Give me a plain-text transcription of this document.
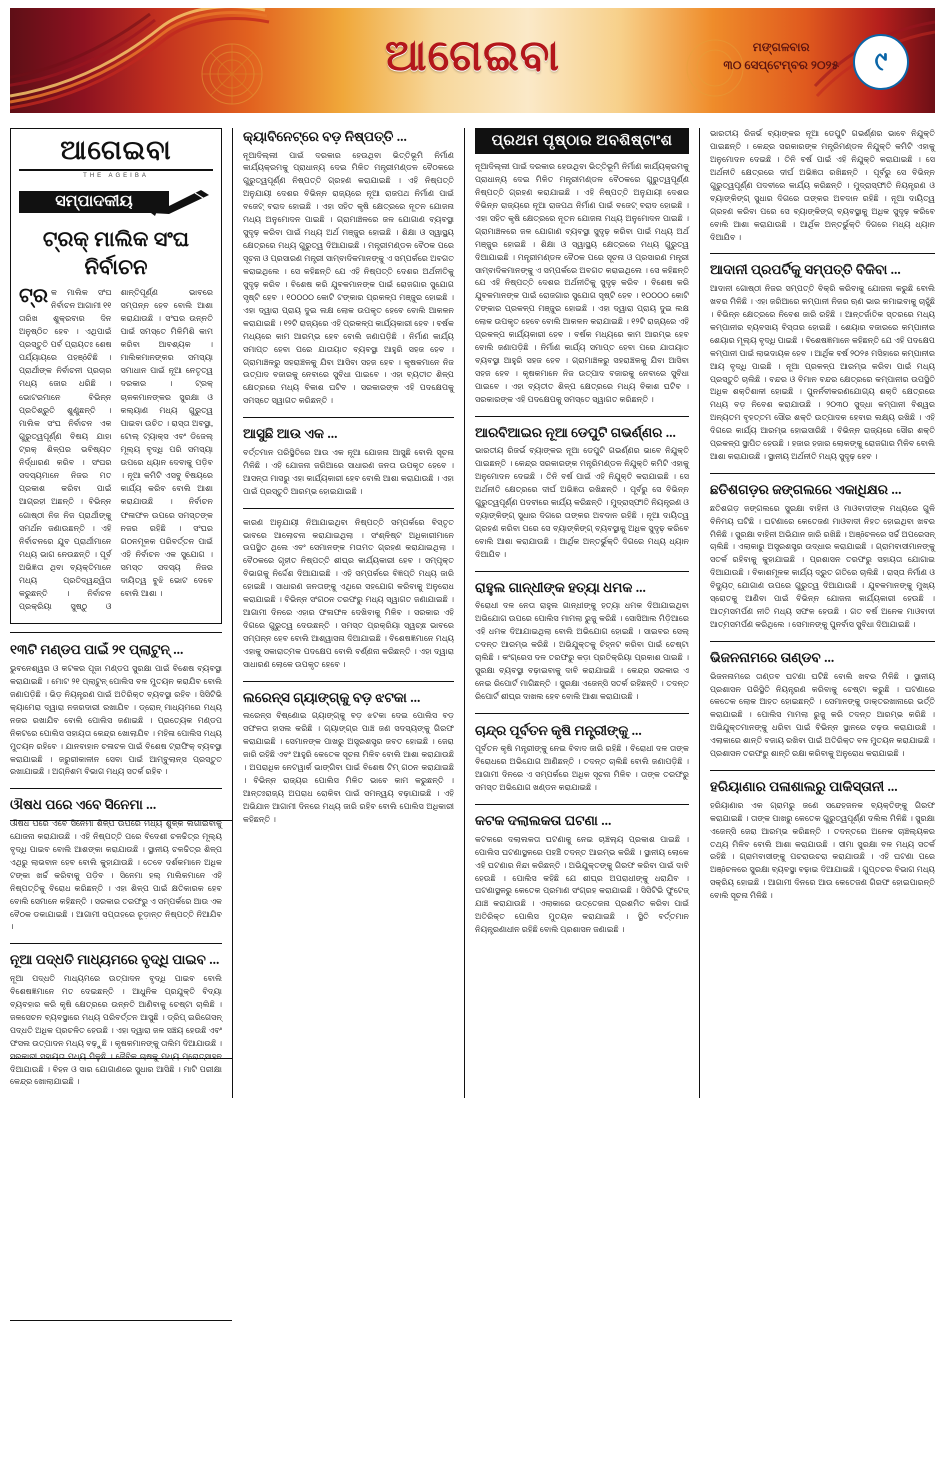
ଆଗେଇବା	ମଙ୍ଗଳବାର
୩୦ ସେପ୍ଟେମ୍ବର ୨୦୨୫ ୯
ଆଗେଇବା
THE AGEIBA
ସମ୍ପାଦକୀୟ
ଟ୍ରକ୍ ମାଲିକ ସଂଘ
ନିର୍ବାଚନ
ଟ୍ର କ ମାଲିକ ସଂଘ ନିର୍ବାଚନ ଆଗାମୀ ୧୧ ତାରିଖ ଶୁକ୍ରବାର ଦିନ ଅନୁଷ୍ଠିତ ହେବ । ଏଥିପାଇଁ ପ୍ରସ୍ତୁତି ପର୍ବ ପ୍ରାୟତଃ ଶେଷ ପର୍ଯ୍ୟାୟରେ ପହଞ୍ôଚିଛି । ପ୍ରାର୍ଥୀଙ୍କ ନିର୍ବାଚନୀ ପ୍ରଚାର ମଧ୍ୟ ଜୋର ଧରିଛି । ଭୋଟରମାନେ ବିଭିନ୍ନ ପ୍ରତିଶ୍ରୁତି ଶୁଣୁଛନ୍ତି । ମାଲିକ ସଂଘ ନିର୍ବାଚନ ଏକ ଗୁରୁତ୍ୱପୂର୍ଣ୍ଣ ବିଷୟ ଯାହା ଟ୍ରକ୍ ଶିଳ୍ପର ଭବିଷ୍ୟତ ନିର୍ଦ୍ଧାରଣ କରିବ । ସଂଘର ସଦସ୍ୟମାନେ ନିଜର ମତ ପ୍ରକାଶ କରିବା ପାଇଁ ଆଗ୍ରହୀ ଅଛନ୍ତି । ବିଭିନ୍ନ ଗୋଷ୍ଠୀ ନିଜ ନିଜ ପ୍ରାର୍ଥୀଙ୍କୁ ସମର୍ଥନ ଜଣାଉଛନ୍ତି । ଏହି ନିର୍ବାଚନରେ ଯୁବ ପ୍ରାର୍ଥୀମାନେ ମଧ୍ୟ ଭାଗ ନେଉଛନ୍ତି । ପୂର୍ବ ଅଭିଜ୍ଞତା ଥିବା ବ୍ୟକ୍ତିମାନେ ମଧ୍ୟ ପ୍ରତିଦ୍ୱନ୍ଦ୍ୱିତା କରୁଛନ୍ତି । ନିର୍ବାଚନ ପ୍ରକ୍ରିୟା ସୁଷ୍ଠୁ ଓ ଶାନ୍ତିପୂର୍ଣ୍ଣ ଭାବରେ ସମ୍ପନ୍ନ ହେବ ବୋଲି ଆଶା କରାଯାଉଛି । ସଂଘର ଉନ୍ନତି ପାଇଁ ସମସ୍ତେ ମିଳିମିଶି କାମ କରିବା ଆବଶ୍ୟକ । ମାଲିକମାନଙ୍କର ସମସ୍ୟା ସମାଧାନ ପାଇଁ ନୂଆ ନେତୃତ୍ୱ ଦରକାର । ଟ୍ରକ୍ ଚାଳକମାନଙ୍କର ସୁରକ୍ଷା ଓ କଲ୍ୟାଣ ମଧ୍ୟ ଗୁରୁତ୍ୱ ପାଇବା ଉଚିତ । ରାସ୍ତା ଅବସ୍ଥା, ଟୋଲ୍ ଟ୍ୟାକ୍ସ ଏବଂ ଡିଜେଲ୍ ମୂଲ୍ୟ ବୃଦ୍ଧି ପରି ସମସ୍ୟା ଉପରେ ଧ୍ୟାନ ଦେବାକୁ ପଡ଼ିବ । ନୂଆ କମିଟି ଏସବୁ ବିଷୟରେ କାର୍ଯ୍ୟ କରିବ ବୋଲି ଆଶା କରାଯାଉଛି । ନିର୍ବାଚନ ଫଳାଫଳ ଉପରେ ସମସ୍ତଙ୍କ ନଜର ରହିଛି । ସଂଘର ଗଠନମୂଳକ ପରିବର୍ତ୍ତନ ପାଇଁ ଏହି ନିର୍ବାଚନ ଏକ ସୁଯୋଗ । ସମସ୍ତ ସଦସ୍ୟ ନିଜର ଦାୟିତ୍ୱ ବୁଝି ଭୋଟ ଦେବେ ବୋଲି ଆଶା ।
୧୩ଟି ମଣ୍ଡପ ପାଇଁ ୨୧ ପ୍ଲାଟୁନ୍ ...
ଭୁବନେଶ୍ୱର ଓ କଟକର ପୂଜା ମଣ୍ଡପ ସୁରକ୍ଷା ପାଇଁ ବିଶେଷ ବ୍ୟବସ୍ଥା କରାଯାଇଛି । ମୋଟ ୨୧ ପ୍ଲାଟୁନ୍ ପୋଲିସ ବଳ ମୁତୟନ କରାଯିବ ବୋଲି ଜଣାପଡ଼ିଛି । ଭିଡ଼ ନିୟନ୍ତ୍ରଣ ପାଇଁ ଅତିରିକ୍ତ ବ୍ୟବସ୍ଥା ରହିବ । ସିସିଟିଭି କ୍ୟାମେରା ଦ୍ୱାରା ନଜରଦାରୀ ରଖାଯିବ । ଡ୍ରୋନ୍ ମାଧ୍ୟମରେ ମଧ୍ୟ ନଜର ରଖାଯିବ ବୋଲି ପୋଲିସ ଜଣାଇଛି । ପ୍ରତ୍ୟେକ ମଣ୍ଡପ ନିକଟରେ ପୋଲିସ ସହାୟତା କେନ୍ଦ୍ର ଖୋଲାଯିବ । ମହିଳା ପୋଲିସ ମଧ୍ୟ ମୁତୟନ ରହିବେ । ଯାନବାହାନ ଚଳାଚଳ ପାଇଁ ବିଶେଷ ଟ୍ରାଫିକ୍ ବ୍ୟବସ୍ଥା କରାଯାଇଛି । ଜରୁରୀକାଳୀନ ସେବା ପାଇଁ ଆମ୍ବୁଲାନ୍ସ ପ୍ରସ୍ତୁତ ରଖାଯାଇଛି । ଅଗ୍ନିଶମ ବିଭାଗ ମଧ୍ୟ ସତର୍କ ରହିବ ।
ଔଷଧ ପରେ ଏବେ ସିନେମା ...
ଔଷଧ ପରେ ଏବେ ସିନେମା ଶିଳ୍ପ ଉପରେ ମଧ୍ୟ ଶୁଳ୍କ ଲଗାଇବାକୁ ଯୋଜନା କରାଯାଉଛି । ଏହି ନିଷ୍ପତ୍ତି ପରେ ବିଦେଶୀ ଚଳଚ୍ଚିତ୍ର ମୂଲ୍ୟ ବୃଦ୍ଧି ପାଇବ ବୋଲି ଆଶଙ୍କା କରାଯାଉଛି । ସ୍ଥାନୀୟ ଚଳଚ୍ଚିତ୍ର ଶିଳ୍ପ ଏଥିରୁ ଲାଭବାନ ହେବ ବୋଲି କୁହାଯାଉଛି । ତେବେ ଦର୍ଶକମାନେ ଅଧିକ ଟଙ୍କା ଖର୍ଚ୍ଚ କରିବାକୁ ପଡ଼ିବ । ସିନେମା ହଲ୍ ମାଲିକମାନେ ଏହି ନିଷ୍ପତ୍ତିକୁ ବିରୋଧ କରିଛନ୍ତି । ଏହା ଶିଳ୍ପ ପାଇଁ କ୍ଷତିକାରକ ହେବ ବୋଲି ସେମାନେ କହିଛନ୍ତି । ସରକାର ତରଫରୁ ଏ ସମ୍ପର୍କରେ ଆଉ ଏକ ବୈଠକ ଡକାଯାଇଛି । ଆଗାମୀ ସପ୍ତାହରେ ଚୂଡ଼ାନ୍ତ ନିଷ୍ପତ୍ତି ନିଆଯିବ ।
ନୂଆ ପଦ୍ଧତି ମାଧ୍ୟମରେ ବୃଦ୍ଧି ପାଇବ ...
ନୂଆ ପଦ୍ଧତି ମାଧ୍ୟମରେ ଉତ୍ପାଦନ ବୃଦ୍ଧି ପାଇବ ବୋଲି ବିଶେଷଜ୍ଞମାନେ ମତ ଦେଇଛନ୍ତି । ଆଧୁନିକ ପ୍ରଯୁକ୍ତି ବିଦ୍ୟା ବ୍ୟବହାର କରି କୃଷି କ୍ଷେତ୍ରରେ ଉନ୍ନତି ଆଣିବାକୁ ଚେଷ୍ଟା ଚାଲିଛି । ଜଳସେଚନ ବ୍ୟବସ୍ଥାରେ ମଧ୍ୟ ପରିବର୍ତ୍ତନ ଆସୁଛି । ଡ୍ରିପ୍ ଇରିଗେସନ୍ ପଦ୍ଧତି ଅଧିକ ପ୍ରଚଳିତ ହେଉଛି । ଏହା ଦ୍ୱାରା ଜଳ ସଞ୍ଚୟ ହେଉଛି ଏବଂ ଫସଲ ଉତ୍ପାଦନ ମଧ୍ୟ ବଢ଼ୁଛି । କୃଷକମାନଙ୍କୁ ତାଲିମ ଦିଆଯାଉଛି । ସରକାରୀ ସହାୟତା ମଧ୍ୟ ମିଳୁଛି । ଜୈବିକ ଚାଷକୁ ମଧ୍ୟ ପ୍ରୋତ୍ସାହନ ଦିଆଯାଉଛି । ବିହନ ଓ ସାର ଯୋଗାଣରେ ସୁଧାର ଆସିଛି । ମାଟି ପରୀକ୍ଷା କେନ୍ଦ୍ର ଖୋଲାଯାଇଛି ।
କ୍ୟାବିନେଟ୍‌ରେ ବଡ଼ ନିଷ୍ପତ୍ତି ...
ନୂଆଦିଲ୍ଲୀ ପାଇଁ ଦରକାର ହେଉଥିବା ଭିତ୍ତିଭୂମି ନିର୍ମାଣ କାର୍ଯ୍ୟକ୍ରମକୁ ପ୍ରାଧାନ୍ୟ ଦେଇ ମିଳିତ ମନ୍ତ୍ରୀମଣ୍ଡଳ ବୈଠକରେ ଗୁରୁତ୍ୱପୂର୍ଣ୍ଣ ନିଷ୍ପତ୍ତି ଗ୍ରହଣ କରାଯାଇଛି । ଏହି ନିଷ୍ପତ୍ତି ଅନୁଯାୟୀ ଦେଶର ବିଭିନ୍ନ ରାଜ୍ୟରେ ନୂଆ ରାଜପଥ ନିର୍ମାଣ ପାଇଁ ବଜେଟ୍ ବରାଦ ହୋଇଛି । ଏହା ସହିତ କୃଷି କ୍ଷେତ୍ରରେ ନୂତନ ଯୋଜନା ମଧ୍ୟ ଅନୁମୋଦନ ପାଇଛି । ଗ୍ରାମାଞ୍ଚଳରେ ଜଳ ଯୋଗାଣ ବ୍ୟବସ୍ଥା ସୁଦୃଢ଼ କରିବା ପାଇଁ ମଧ୍ୟ ଅର୍ଥ ମଞ୍ଜୁର ହୋଇଛି । ଶିକ୍ଷା ଓ ସ୍ୱାସ୍ଥ୍ୟ କ୍ଷେତ୍ରରେ ମଧ୍ୟ ଗୁରୁତ୍ୱ ଦିଆଯାଇଛି । ମନ୍ତ୍ରୀମଣ୍ଡଳ ବୈଠକ ପରେ ସୂଚନା ଓ ପ୍ରସାରଣ ମନ୍ତ୍ରୀ ସାମ୍ବାଦିକମାନଙ୍କୁ ଏ ସମ୍ପର୍କରେ ଅବଗତ କରାଇଥିଲେ । ସେ କହିଛନ୍ତି ଯେ ଏହି ନିଷ୍ପତ୍ତି ଦେଶର ଅର୍ଥନୀତିକୁ ସୁଦୃଢ଼ କରିବ । ବିଶେଷ କରି ଯୁବକମାନଙ୍କ ପାଇଁ ରୋଜଗାର ସୁଯୋଗ ସୃଷ୍ଟି ହେବ । ୧୦୦୦୦ କୋଟି ଟଙ୍କାର ପ୍ରକଳ୍ପ ମଞ୍ଜୁର ହୋଇଛି । ଏହା ଦ୍ୱାରା ପ୍ରାୟ ଦୁଇ ଲକ୍ଷ ଲୋକ ଉପକୃତ ହେବେ ବୋଲି ଆକଳନ କରାଯାଇଛି । ୧୨ଟି ରାଜ୍ୟରେ ଏହି ପ୍ରକଳ୍ପ କାର୍ଯ୍ୟକାରୀ ହେବ । ବର୍ଷକ ମଧ୍ୟରେ କାମ ଆରମ୍ଭ ହେବ ବୋଲି ଜଣାପଡ଼ିଛି । ନିର୍ମାଣ କାର୍ଯ୍ୟ ସମାପ୍ତ ହେବା ପରେ ଯାତାୟାତ ବ୍ୟବସ୍ଥା ଆହୁରି ସହଜ ହେବ । ଗ୍ରାମାଞ୍ଚଳରୁ ସହରାଞ୍ଚଳକୁ ଯିବା ଆସିବା ସହଜ ହେବ । କୃଷକମାନେ ନିଜ ଉତ୍ପାଦ ବଜାରକୁ ନେବାରେ ସୁବିଧା ପାଇବେ । ଏହା ବ୍ୟତୀତ ଶିଳ୍ପ କ୍ଷେତ୍ରରେ ମଧ୍ୟ ବିକାଶ ଘଟିବ । ସରକାରଙ୍କ ଏହି ପଦକ୍ଷେପକୁ ସମସ୍ତେ ସ୍ୱାଗତ କରିଛନ୍ତି ।
ଆସୁଛି ଆଉ ଏକ ...
ବର୍ତ୍ତମାନ ପରିସ୍ଥିତିରେ ଆଉ ଏକ ନୂଆ ଯୋଜନା ଆସୁଛି ବୋଲି ସୂଚନା ମିଳିଛି । ଏହି ଯୋଜନା ଜରିଆରେ ସାଧାରଣ ଜନତା ଉପକୃତ ହେବେ । ଆସନ୍ତା ମାସରୁ ଏହା କାର୍ଯ୍ୟକାରୀ ହେବ ବୋଲି ଆଶା କରାଯାଉଛି । ଏହା ପାଇଁ ପ୍ରସ୍ତୁତି ଆରମ୍ଭ ହୋଇଯାଇଛି ।
କାରଣ ଅନୁଯାୟୀ ନିଆଯାଇଥିବା ନିଷ୍ପତ୍ତି ସମ୍ପର୍କରେ ବିସ୍ତୃତ ଭାବରେ ଆଲୋଚନା କରାଯାଇଥିଲା । ସଂଶ୍ଳିଷ୍ଟ ଅଧିକାରୀମାନେ ଉପସ୍ଥିତ ଥିଲେ ଏବଂ ସେମାନଙ୍କ ମତାମତ ଗ୍ରହଣ କରାଯାଇଥିଲା । ବୈଠକରେ ଗୃହୀତ ନିଷ୍ପତ୍ତି ଶୀଘ୍ର କାର୍ଯ୍ୟକାରୀ ହେବ । ସମ୍ପୃକ୍ତ ବିଭାଗକୁ ନିର୍ଦ୍ଦେଶ ଦିଆଯାଇଛି । ଏହି ସମ୍ପର୍କରେ ବିଜ୍ଞପ୍ତି ମଧ୍ୟ ଜାରି ହୋଇଛି । ସାଧାରଣ ଜନତାଙ୍କୁ ଏଥିରେ ସହଯୋଗ କରିବାକୁ ଅନୁରୋଧ କରାଯାଇଛି । ବିଭିନ୍ନ ସଂଗଠନ ତରଫରୁ ମଧ୍ୟ ସ୍ୱାଗତ ଜଣାଯାଇଛି । ଆଗାମୀ ଦିନରେ ଏହାର ଫଳାଫଳ ଦେଖିବାକୁ ମିଳିବ । ସରକାର ଏହି ଦିଗରେ ଗୁରୁତ୍ୱ ଦେଉଛନ୍ତି । ସମସ୍ତ ପ୍ରକ୍ରିୟା ସ୍ୱଚ୍ଛ ଭାବରେ ସମ୍ପନ୍ନ ହେବ ବୋଲି ଆଶ୍ୱାସନା ଦିଆଯାଇଛି । ବିଶେଷଜ୍ଞମାନେ ମଧ୍ୟ ଏହାକୁ ସକାରାତ୍ମକ ପଦକ୍ଷେପ ବୋଲି ବର୍ଣ୍ଣନା କରିଛନ୍ତି । ଏହା ଦ୍ୱାରା ସାଧାରଣ ଲୋକେ ଉପକୃତ ହେବେ ।
ଲରେନ୍ସ ଗ୍ୟାଙ୍ଗ୍‌କୁ ବଡ଼ ଝଟକା ...
ଲରେନ୍ସ ବିଷ୍ଣୋଇ ଗ୍ୟାଙ୍ଗ୍‌କୁ ବଡ଼ ଝଟକା ଦେଇ ପୋଲିସ ବଡ଼ ସଫଳତା ହାସଲ କରିଛି । ଗ୍ୟାଙ୍ଗ୍‌ର ପାଞ୍ଚ ଜଣ ସଦସ୍ୟଙ୍କୁ ଗିରଫ କରାଯାଇଛି । ସେମାନଙ୍କ ପାଖରୁ ଅସ୍ତ୍ରଶସ୍ତ୍ର ଜବତ ହୋଇଛି । ଜେରା ଜାରି ରହିଛି ଏବଂ ଆହୁରି କେତେକ ସୂଚନା ମିଳିବ ବୋଲି ଆଶା କରାଯାଉଛି । ଅପରାଧିକ ନେଟୱାର୍କ ଭାଙ୍ଗିବା ପାଇଁ ବିଶେଷ ଟିମ୍ ଗଠନ କରାଯାଇଛି । ବିଭିନ୍ନ ରାଜ୍ୟର ପୋଲିସ ମିଳିତ ଭାବେ କାମ କରୁଛନ୍ତି । ଆନ୍ତଃରାଜ୍ୟ ଅପରାଧ ରୋକିବା ପାଇଁ ସମନ୍ୱୟ ବଢ଼ାଯାଇଛି । ଏହି ଅଭିଯାନ ଆଗାମୀ ଦିନରେ ମଧ୍ୟ ଜାରି ରହିବ ବୋଲି ପୋଲିସ ଅଧିକାରୀ କହିଛନ୍ତି ।
ପ୍ରଥମ ପୃଷ୍ଠାର ଅବଶିଷ୍ଟାଂଶ
ନୂଆଦିଲ୍ଲୀ ପାଇଁ ଦରକାର ହେଉଥିବା ଭିତ୍ତିଭୂମି ନିର୍ମାଣ କାର୍ଯ୍ୟକ୍ରମକୁ ପ୍ରାଧାନ୍ୟ ଦେଇ ମିଳିତ ମନ୍ତ୍ରୀମଣ୍ଡଳ ବୈଠକରେ ଗୁରୁତ୍ୱପୂର୍ଣ୍ଣ ନିଷ୍ପତ୍ତି ଗ୍ରହଣ କରାଯାଇଛି । ଏହି ନିଷ୍ପତ୍ତି ଅନୁଯାୟୀ ଦେଶର ବିଭିନ୍ନ ରାଜ୍ୟରେ ନୂଆ ରାଜପଥ ନିର୍ମାଣ ପାଇଁ ବଜେଟ୍ ବରାଦ ହୋଇଛି । ଏହା ସହିତ କୃଷି କ୍ଷେତ୍ରରେ ନୂତନ ଯୋଜନା ମଧ୍ୟ ଅନୁମୋଦନ ପାଇଛି । ଗ୍ରାମାଞ୍ଚଳରେ ଜଳ ଯୋଗାଣ ବ୍ୟବସ୍ଥା ସୁଦୃଢ଼ କରିବା ପାଇଁ ମଧ୍ୟ ଅର୍ଥ ମଞ୍ଜୁର ହୋଇଛି । ଶିକ୍ଷା ଓ ସ୍ୱାସ୍ଥ୍ୟ କ୍ଷେତ୍ରରେ ମଧ୍ୟ ଗୁରୁତ୍ୱ ଦିଆଯାଇଛି । ମନ୍ତ୍ରୀମଣ୍ଡଳ ବୈଠକ ପରେ ସୂଚନା ଓ ପ୍ରସାରଣ ମନ୍ତ୍ରୀ ସାମ୍ବାଦିକମାନଙ୍କୁ ଏ ସମ୍ପର୍କରେ ଅବଗତ କରାଇଥିଲେ । ସେ କହିଛନ୍ତି ଯେ ଏହି ନିଷ୍ପତ୍ତି ଦେଶର ଅର୍ଥନୀତିକୁ ସୁଦୃଢ଼ କରିବ । ବିଶେଷ କରି ଯୁବକମାନଙ୍କ ପାଇଁ ରୋଜଗାର ସୁଯୋଗ ସୃଷ୍ଟି ହେବ । ୧୦୦୦୦ କୋଟି ଟଙ୍କାର ପ୍ରକଳ୍ପ ମଞ୍ଜୁର ହୋଇଛି । ଏହା ଦ୍ୱାରା ପ୍ରାୟ ଦୁଇ ଲକ୍ଷ ଲୋକ ଉପକୃତ ହେବେ ବୋଲି ଆକଳନ କରାଯାଇଛି । ୧୨ଟି ରାଜ୍ୟରେ ଏହି ପ୍ରକଳ୍ପ କାର୍ଯ୍ୟକାରୀ ହେବ । ବର୍ଷକ ମଧ୍ୟରେ କାମ ଆରମ୍ଭ ହେବ ବୋଲି ଜଣାପଡ଼ିଛି । ନିର୍ମାଣ କାର୍ଯ୍ୟ ସମାପ୍ତ ହେବା ପରେ ଯାତାୟାତ ବ୍ୟବସ୍ଥା ଆହୁରି ସହଜ ହେବ । ଗ୍ରାମାଞ୍ଚଳରୁ ସହରାଞ୍ଚଳକୁ ଯିବା ଆସିବା ସହଜ ହେବ । କୃଷକମାନେ ନିଜ ଉତ୍ପାଦ ବଜାରକୁ ନେବାରେ ସୁବିଧା ପାଇବେ । ଏହା ବ୍ୟତୀତ ଶିଳ୍ପ କ୍ଷେତ୍ରରେ ମଧ୍ୟ ବିକାଶ ଘଟିବ । ସରକାରଙ୍କ ଏହି ପଦକ୍ଷେପକୁ ସମସ୍ତେ ସ୍ୱାଗତ କରିଛନ୍ତି ।
ଆରବିଆଇର ନୂଆ ଡେପୁଟି ଗଭର୍ଣ୍ଣର ...
ଭାରତୀୟ ରିଜର୍ଭ ବ୍ୟାଙ୍କର ନୂଆ ଡେପୁଟି ଗଭର୍ଣ୍ଣର ଭାବେ ନିଯୁକ୍ତି ପାଇଛନ୍ତି । କେନ୍ଦ୍ର ସରକାରଙ୍କ ମନ୍ତ୍ରିମଣ୍ଡଳ ନିଯୁକ୍ତି କମିଟି ଏହାକୁ ଅନୁମୋଦନ ଦେଇଛି । ତିନି ବର୍ଷ ପାଇଁ ଏହି ନିଯୁକ୍ତି କରାଯାଇଛି । ସେ ଅର୍ଥନୀତି କ୍ଷେତ୍ରରେ ଦୀର୍ଘ ଅଭିଜ୍ଞତା ରଖିଛନ୍ତି । ପୂର୍ବରୁ ସେ ବିଭିନ୍ନ ଗୁରୁତ୍ୱପୂର୍ଣ୍ଣ ପଦବୀରେ କାର୍ଯ୍ୟ କରିଛନ୍ତି । ମୁଦ୍ରାସ୍ଫୀତି ନିୟନ୍ତ୍ରଣ ଓ ବ୍ୟାଙ୍କିଙ୍ଗ୍ ସୁଧାର ଦିଗରେ ତାଙ୍କର ଅବଦାନ ରହିଛି । ନୂଆ ଦାୟିତ୍ୱ ଗ୍ରହଣ କରିବା ପରେ ସେ ବ୍ୟାଙ୍କିଙ୍ଗ୍ ବ୍ୟବସ୍ଥାକୁ ଅଧିକ ସୁଦୃଢ଼ କରିବେ ବୋଲି ଆଶା କରାଯାଉଛି । ଆର୍ଥିକ ଅନ୍ତର୍ଭୁକ୍ତି ଦିଗରେ ମଧ୍ୟ ଧ୍ୟାନ ଦିଆଯିବ ।
ରାହୁଲ ଗାନ୍ଧୀଙ୍କ ହତ୍ୟା ଧମକ ...
ବିରୋଧୀ ଦଳ ନେତା ରାହୁଲ ଗାନ୍ଧୀଙ୍କୁ ହତ୍ୟା ଧମକ ଦିଆଯାଇଥିବା ଅଭିଯୋଗ ଉପରେ ପୋଲିସ ମାମଲା ରୁଜୁ କରିଛି । ସୋସିଆଲ ମିଡ଼ିଆରେ ଏହି ଧମକ ଦିଆଯାଇଥିଲା ବୋଲି ଅଭିଯୋଗ ହୋଇଛି । ସାଇବର ସେଲ୍ ତଦନ୍ତ ଆରମ୍ଭ କରିଛି । ଅଭିଯୁକ୍ତକୁ ଚିହ୍ନଟ କରିବା ପାଇଁ ଚେଷ୍ଟା ଚାଲିଛି । କଂଗ୍ରେସ ଦଳ ତରଫରୁ କଡ଼ା ପ୍ରତିକ୍ରିୟା ପ୍ରକାଶ ପାଇଛି । ସୁରକ୍ଷା ବ୍ୟବସ୍ଥା ବଢ଼ାଇବାକୁ ଦାବି କରାଯାଇଛି । କେନ୍ଦ୍ର ସରକାର ଏ ନେଇ ରିପୋର୍ଟ ମାଗିଛନ୍ତି । ସୁରକ୍ଷା ଏଜେନ୍ସି ସତର୍କ ରହିଛନ୍ତି । ତଦନ୍ତ ରିପୋର୍ଟ ଶୀଘ୍ର ଦାଖଲ ହେବ ବୋଲି ଆଶା କରାଯାଉଛି ।
ଚାନ୍ଦ୍ର ପୂର୍ବତନ କୃଷି ମନ୍ତ୍ରୀଙ୍କୁ ...
ପୂର୍ବତନ କୃଷି ମନ୍ତ୍ରୀଙ୍କୁ ନେଇ ବିବାଦ ଜାରି ରହିଛି । ବିରୋଧୀ ଦଳ ତାଙ୍କ ବିରୋଧରେ ଅଭିଯୋଗ ଆଣିଛନ୍ତି । ତଦନ୍ତ ଚାଲିଛି ବୋଲି ଜଣାପଡ଼ିଛି । ଆଗାମୀ ଦିନରେ ଏ ସମ୍ପର୍କରେ ଅଧିକ ସୂଚନା ମିଳିବ । ତାଙ୍କ ତରଫରୁ ସମସ୍ତ ଅଭିଯୋଗ ଖଣ୍ଡନ କରାଯାଇଛି ।
କଟକ ଦଲାଲକତା ଘଟଣା ...
କଟକରେ ଦଲାଲକତା ଘଟଣାକୁ ନେଇ ଚାଞ୍ଚଲ୍ୟ ପ୍ରକାଶ ପାଇଛି । ପୋଲିସ ଘଟଣାସ୍ଥଳରେ ପହଞ୍ଚି ତଦନ୍ତ ଆରମ୍ଭ କରିଛି । ସ୍ଥାନୀୟ ଲୋକେ ଏହି ଘଟଣାର ନିନ୍ଦା କରିଛନ୍ତି । ଅଭିଯୁକ୍ତଙ୍କୁ ଗିରଫ କରିବା ପାଇଁ ଦାବି ହେଉଛି । ପୋଲିସ କହିଛି ଯେ ଶୀଘ୍ର ଅପରାଧୀଙ୍କୁ ଧରାଯିବ । ଘଟଣାସ୍ଥଳରୁ କେତେକ ପ୍ରମାଣ ସଂଗ୍ରହ କରାଯାଇଛି । ସିସିଟିଭି ଫୁଟେଜ୍ ଯାଞ୍ଚ କରାଯାଉଛି । ଏଲାକାରେ ଉତ୍ତେଜନା ପ୍ରଶମିତ କରିବା ପାଇଁ ଅତିରିକ୍ତ ପୋଲିସ ମୁତୟନ କରାଯାଇଛି । ସ୍ଥିତି ବର୍ତ୍ତମାନ ନିୟନ୍ତ୍ରଣାଧୀନ ରହିଛି ବୋଲି ପ୍ରଶାସନ ଜଣାଇଛି ।
ଭାରତୀୟ ରିଜର୍ଭ ବ୍ୟାଙ୍କର ନୂଆ ଡେପୁଟି ଗଭର୍ଣ୍ଣର ଭାବେ ନିଯୁକ୍ତି ପାଇଛନ୍ତି । କେନ୍ଦ୍ର ସରକାରଙ୍କ ମନ୍ତ୍ରିମଣ୍ଡଳ ନିଯୁକ୍ତି କମିଟି ଏହାକୁ ଅନୁମୋଦନ ଦେଇଛି । ତିନି ବର୍ଷ ପାଇଁ ଏହି ନିଯୁକ୍ତି କରାଯାଇଛି । ସେ ଅର୍ଥନୀତି କ୍ଷେତ୍ରରେ ଦୀର୍ଘ ଅଭିଜ୍ଞତା ରଖିଛନ୍ତି । ପୂର୍ବରୁ ସେ ବିଭିନ୍ନ ଗୁରୁତ୍ୱପୂର୍ଣ୍ଣ ପଦବୀରେ କାର୍ଯ୍ୟ କରିଛନ୍ତି । ମୁଦ୍ରାସ୍ଫୀତି ନିୟନ୍ତ୍ରଣ ଓ ବ୍ୟାଙ୍କିଙ୍ଗ୍ ସୁଧାର ଦିଗରେ ତାଙ୍କର ଅବଦାନ ରହିଛି । ନୂଆ ଦାୟିତ୍ୱ ଗ୍ରହଣ କରିବା ପରେ ସେ ବ୍ୟାଙ୍କିଙ୍ଗ୍ ବ୍ୟବସ୍ଥାକୁ ଅଧିକ ସୁଦୃଢ଼ କରିବେ ବୋଲି ଆଶା କରାଯାଉଛି । ଆର୍ଥିକ ଅନ୍ତର୍ଭୁକ୍ତି ଦିଗରେ ମଧ୍ୟ ଧ୍ୟାନ ଦିଆଯିବ ।
ଆଦାନୀ ପ୍ରପର୍ଟିକୁ ସମ୍ପତ୍ତି ବିକିବା ...
ଆଦାନୀ ଗୋଷ୍ଠୀ ନିଜର ସମ୍ପତ୍ତି ବିକ୍ରି କରିବାକୁ ଯୋଜନା କରୁଛି ବୋଲି ଖବର ମିଳିଛି । ଏହା ଜରିଆରେ କମ୍ପାନୀ ନିଜର ଋଣ ଭାର କମାଇବାକୁ ଚାହୁଁଛି । ବିଭିନ୍ନ କ୍ଷେତ୍ରରେ ନିବେଶ ଜାରି ରହିଛି । ଆନ୍ତର୍ଜାତିକ ସ୍ତରରେ ମଧ୍ୟ କମ୍ପାନୀର ବ୍ୟବସାୟ ବିସ୍ତାର ହୋଇଛି । ଶେୟାର ବଜାରରେ କମ୍ପାନୀର ଶେୟାର ମୂଲ୍ୟ ବୃଦ୍ଧି ପାଇଛି । ବିଶେଷଜ୍ଞମାନେ କହିଛନ୍ତି ଯେ ଏହି ପଦକ୍ଷେପ କମ୍ପାନୀ ପାଇଁ ଲାଭଦାୟକ ହେବ । ଆର୍ଥିକ ବର୍ଷ ୨୦୨୫ ମସିହାରେ କମ୍ପାନୀର ଆୟ ବୃଦ୍ଧି ପାଇଛି । ନୂଆ ପ୍ରକଳ୍ପ ଆରମ୍ଭ କରିବା ପାଇଁ ମଧ୍ୟ ପ୍ରସ୍ତୁତି ଚାଲିଛି । ବନ୍ଦର ଓ ବିମାନ ବନ୍ଦର କ୍ଷେତ୍ରରେ କମ୍ପାନୀର ଉପସ୍ଥିତି ଅଧିକ ଶକ୍ତିଶାଳୀ ହୋଇଛି । ପୁନର୍ନବୀକରଣଯୋଗ୍ୟ ଶକ୍ତି କ୍ଷେତ୍ରରେ ମଧ୍ୟ ବଡ଼ ନିବେଶ କରାଯାଉଛି । ୨୦୩୦ ସୁଦ୍ଧା କମ୍ପାନୀ ବିଶ୍ୱର ଅନ୍ୟତମ ବୃହତ୍ତମ ସୌର ଶକ୍ତି ଉତ୍ପାଦକ ହେବାର ଲକ୍ଷ୍ୟ ରଖିଛି । ଏହି ଦିଗରେ କାର୍ଯ୍ୟ ଆରମ୍ଭ ହୋଇସାରିଛି । ବିଭିନ୍ନ ରାଜ୍ୟରେ ସୌର ଶକ୍ତି ପ୍ରକଳ୍ପ ସ୍ଥାପିତ ହେଉଛି । ହଜାର ହଜାର ଲୋକଙ୍କୁ ରୋଜଗାର ମିଳିବ ବୋଲି ଆଶା କରାଯାଉଛି । ସ୍ଥାନୀୟ ଅର୍ଥନୀତି ମଧ୍ୟ ସୁଦୃଢ଼ ହେବ ।
ଛତିଶଗଡ଼ର ଜଙ୍ଗଲରେ ଏକାଧିକ୍ଷର ...
ଛତିଶଗଡ଼ ଜଙ୍ଗଲରେ ସୁରକ୍ଷା ବାହିନୀ ଓ ମାଓବାଦୀଙ୍କ ମଧ୍ୟରେ ଗୁଳି ବିନିମୟ ଘଟିଛି । ଘଟଣାରେ କେତେଜଣ ମାଓବାଦୀ ନିହତ ହୋଇଥିବା ଖବର ମିଳିଛି । ସୁରକ୍ଷା ବାହିନୀ ଅଭିଯାନ ଜାରି ରଖିଛି । ଅଞ୍ôଚଳରେ ସର୍ଚ୍ଚ ଅପରେସନ୍ ଚାଲିଛି । ଏଲାକାରୁ ଅସ୍ତ୍ରଶସ୍ତ୍ର ଉଦ୍ଧାର କରାଯାଇଛି । ଗ୍ରାମବାସୀମାନଙ୍କୁ ସତର୍କ ରହିବାକୁ କୁହାଯାଇଛି । ପ୍ରଶାସନ ତରଫରୁ ସହାୟତା ଯୋଗାଇ ଦିଆଯାଉଛି । ବିକାଶମୂଳକ କାର୍ଯ୍ୟ ଦ୍ରୁତ ଗତିରେ ଚାଲିଛି । ରାସ୍ତା ନିର୍ମାଣ ଓ ବିଦ୍ୟୁତ୍ ଯୋଗାଣ ଉପରେ ଗୁରୁତ୍ୱ ଦିଆଯାଉଛି । ଯୁବକମାନଙ୍କୁ ମୁଖ୍ୟ ସ୍ରୋତକୁ ଆଣିବା ପାଇଁ ବିଭିନ୍ନ ଯୋଜନା କାର୍ଯ୍ୟକାରୀ ହେଉଛି । ଆତ୍ମସମର୍ପଣ ନୀତି ମଧ୍ୟ ସଫଳ ହେଉଛି । ଗତ ବର୍ଷ ଅନେକ ମାଓବାଦୀ ଆତ୍ମସମର୍ପଣ କରିଥିଲେ । ସେମାନଙ୍କୁ ପୁନର୍ବାସ ସୁବିଧା ଦିଆଯାଇଛି ।
ଭିଜନନାମରେ ତାଣ୍ଡବ ...
ଭିଜନନାମରେ ତାଣ୍ଡବ ଘଟଣା ଘଟିଛି ବୋଲି ଖବର ମିଳିଛି । ସ୍ଥାନୀୟ ପ୍ରଶାସନ ପରିସ୍ଥିତି ନିୟନ୍ତ୍ରଣ କରିବାକୁ ଚେଷ୍ଟା କରୁଛି । ଘଟଣାରେ କେତେକ ଲୋକ ଆହତ ହୋଇଛନ୍ତି । ସେମାନଙ୍କୁ ଡାକ୍ତରଖାନାରେ ଭର୍ତ୍ତି କରାଯାଇଛି । ପୋଲିସ ମାମଲା ରୁଜୁ କରି ତଦନ୍ତ ଆରମ୍ଭ କରିଛି । ଅଭିଯୁକ୍ତମାନଙ୍କୁ ଧରିବା ପାଇଁ ବିଭିନ୍ନ ସ୍ଥାନରେ ଚଢ଼ଉ କରାଯାଉଛି । ଏଲାକାରେ ଶାନ୍ତି ବଜାୟ ରଖିବା ପାଇଁ ଅତିରିକ୍ତ ବଳ ମୁତୟନ କରାଯାଇଛି । ପ୍ରଶାସନ ତରଫରୁ ଶାନ୍ତି ରକ୍ଷା କରିବାକୁ ଅନୁରୋଧ କରାଯାଇଛି ।
ହରିୟାଣାର ପଳାଶାଲରୁ ପାକିସ୍ତାନୀ ...
ହରିୟାଣାର ଏକ ଗ୍ରାମରୁ ଜଣେ ସନ୍ଦେହଜନକ ବ୍ୟକ୍ତିଙ୍କୁ ଗିରଫ କରାଯାଇଛି । ତାଙ୍କ ପାଖରୁ କେତେକ ଗୁରୁତ୍ୱପୂର୍ଣ୍ଣ ଦଲିଲ ମିଳିଛି । ସୁରକ୍ଷା ଏଜେନ୍ସି ଜେରା ଆରମ୍ଭ କରିଛନ୍ତି । ତଦନ୍ତରେ ଅନେକ ଚାଞ୍ଚଲ୍ୟକର ତଥ୍ୟ ମିଳିବ ବୋଲି ଆଶା କରାଯାଉଛି । ସୀମା ସୁରକ୍ଷା ବଳ ମଧ୍ୟ ସତର୍କ ରହିଛି । ଗ୍ରାମବାସୀଙ୍କୁ ପଚରାଉଚରା କରାଯାଉଛି । ଏହି ଘଟଣା ପରେ ଅଞ୍ôଚଳରେ ସୁରକ୍ଷା ବ୍ୟବସ୍ଥା ବଢ଼ାଇ ଦିଆଯାଇଛି । ଗୁପ୍ତଚର ବିଭାଗ ମଧ୍ୟ ସକ୍ରିୟ ହୋଇଛି । ଆଗାମୀ ଦିନରେ ଆଉ କେତେଜଣ ଗିରଫ ହୋଇପାରନ୍ତି ବୋଲି ସୂଚନା ମିଳିଛି ।
